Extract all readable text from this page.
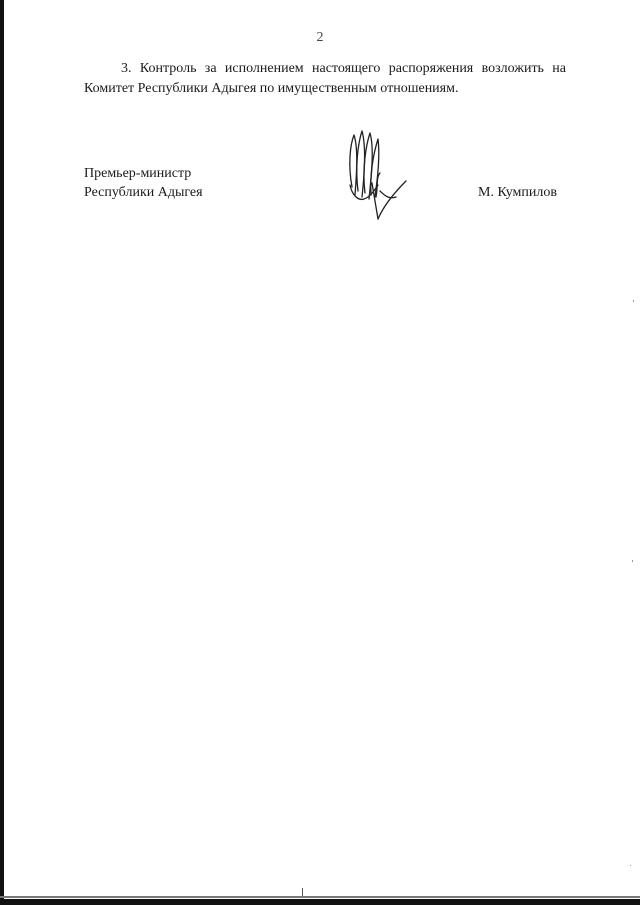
2

3. Контроль за исполнением настоящего распоряжения возложить на Комитет Республики Адыгея по имущественным отношениям.

Премьер-министр
Республики Адыгея	М. Кумпилов
